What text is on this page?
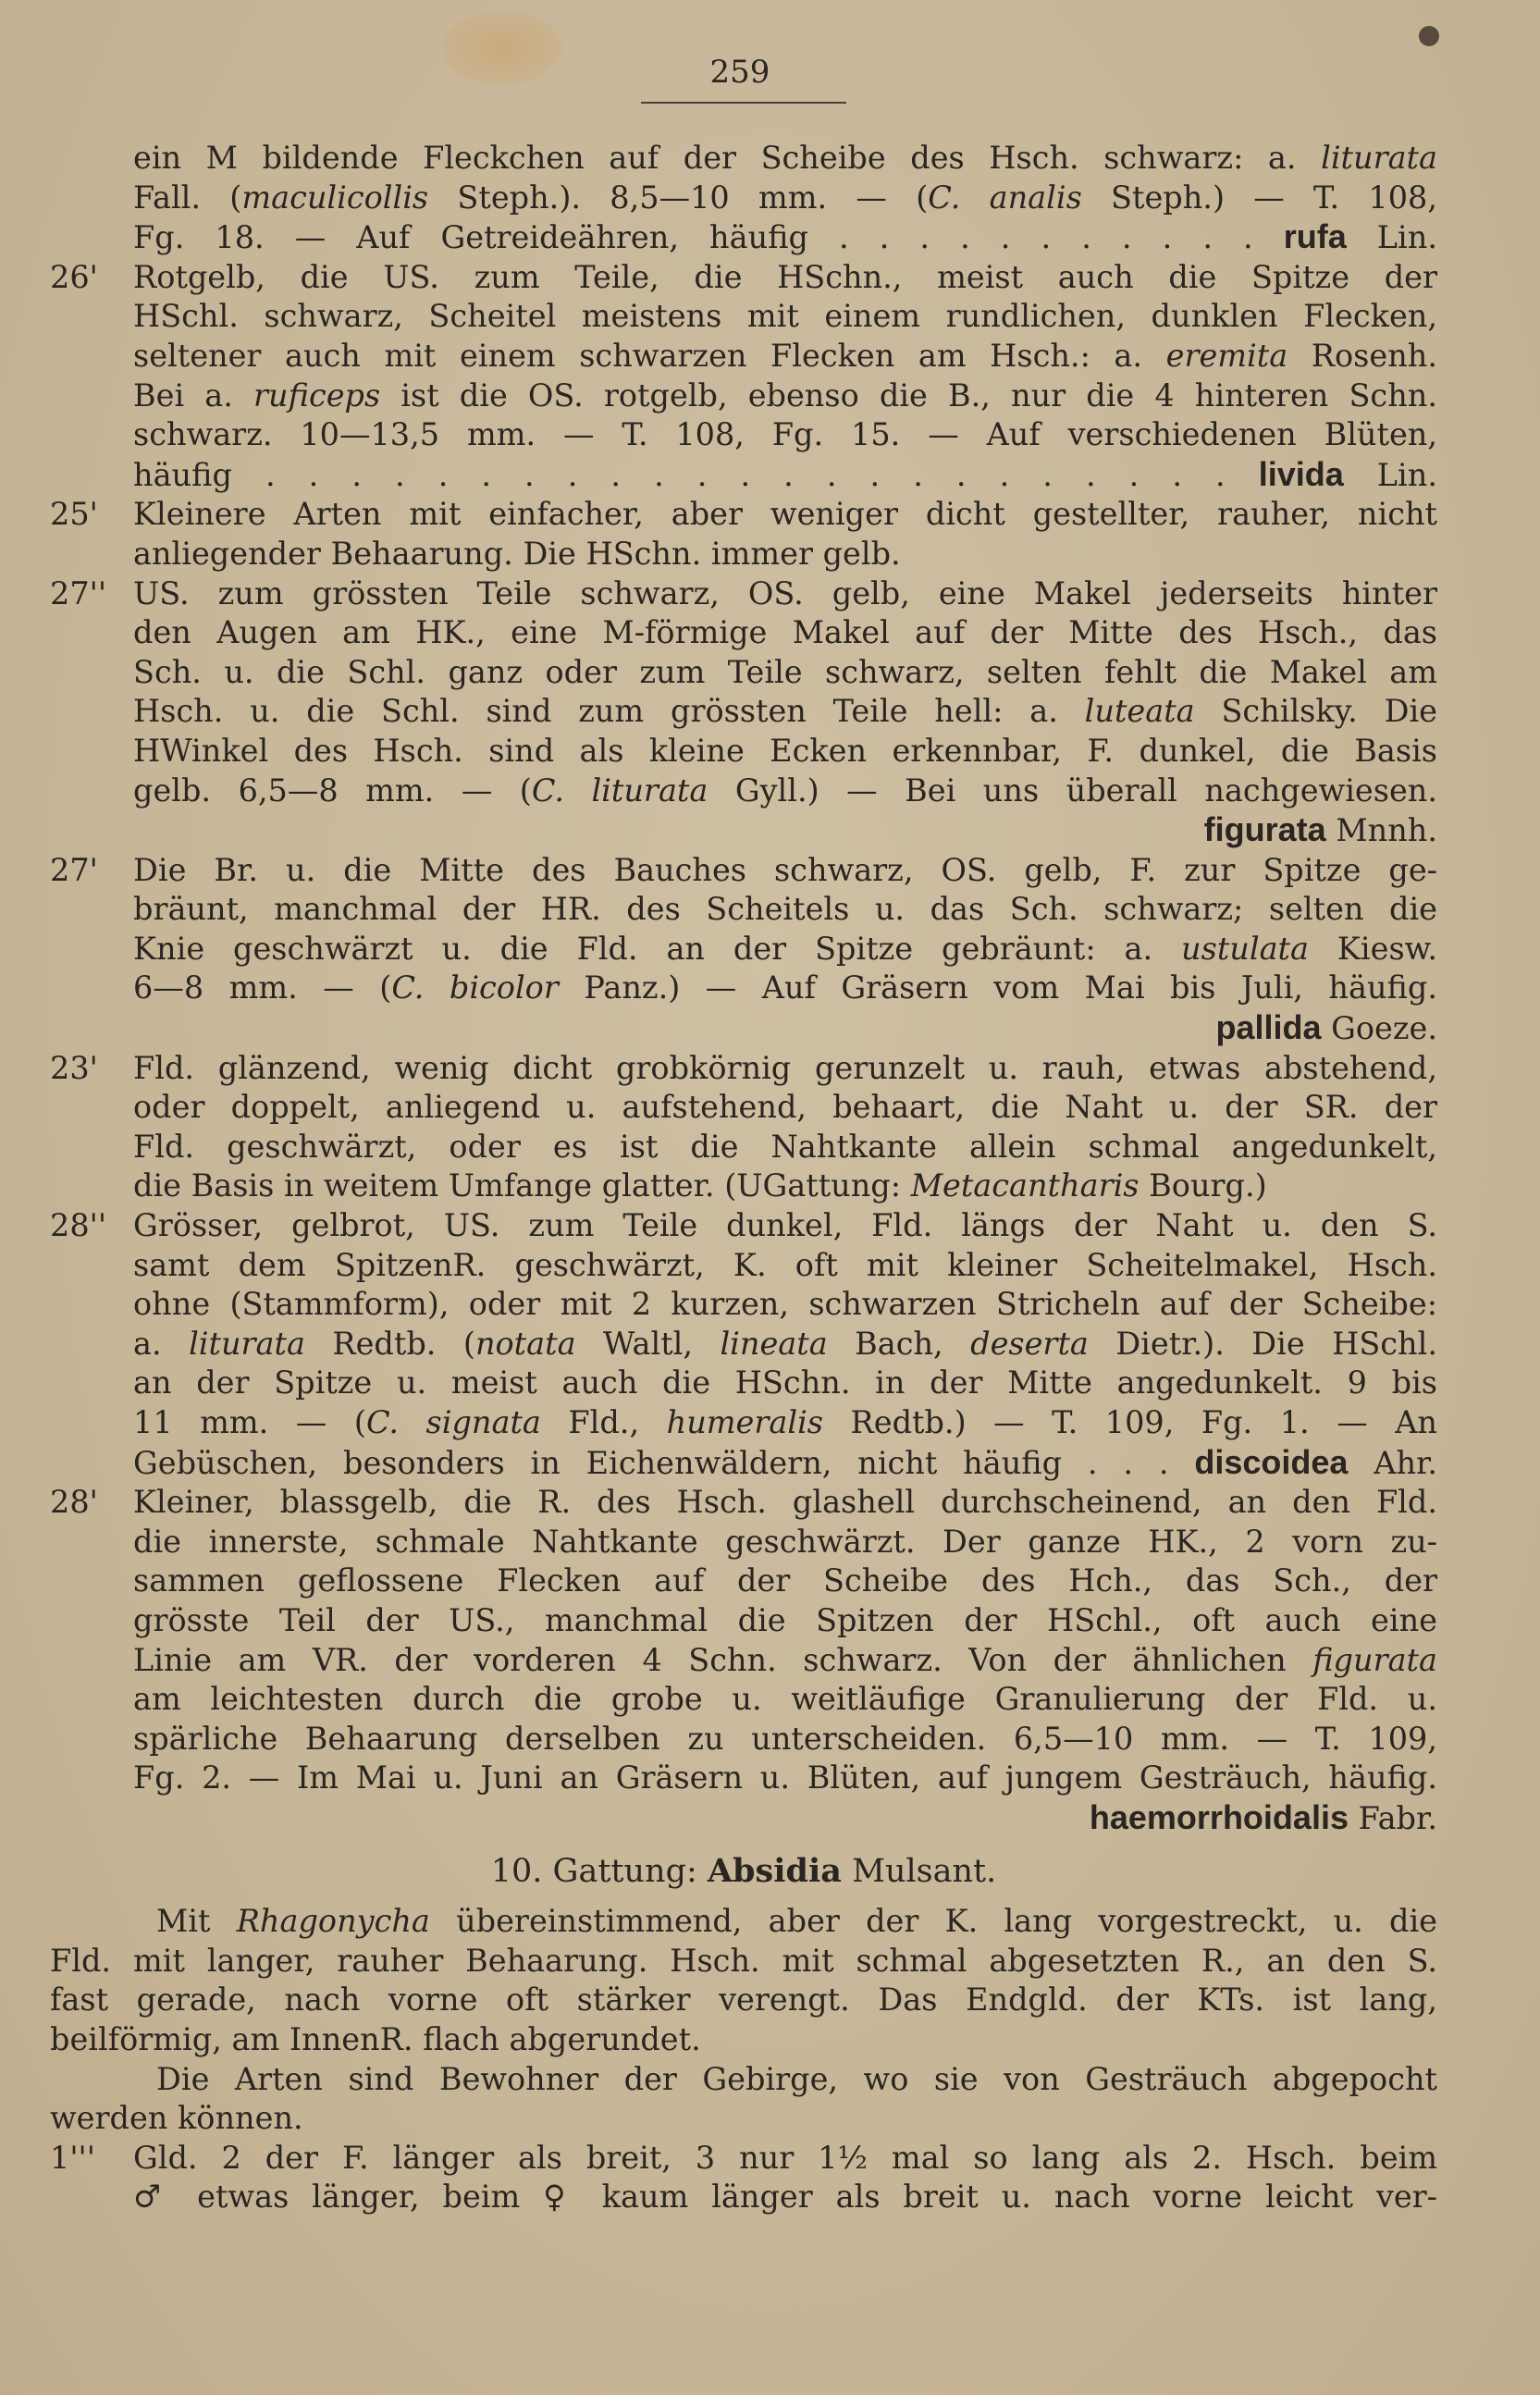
259
ein M bildende Fleckchen auf der Scheibe des Hsch. schwarz: a. liturata
Fall. (maculicollis Steph.). 8,5—10 mm. — (C. analis Steph.) — T. 108,
Fg. 18. — Auf Getreideähren, häufig . . . . . . . . . . . rufa Lin.
26'	Rotgelb, die US. zum Teile, die HSchn., meist auch die Spitze der
HSchl. schwarz, Scheitel meistens mit einem rundlichen, dunklen Flecken,
seltener auch mit einem schwarzen Flecken am Hsch.: a. eremita Rosenh.
Bei a. ruficeps ist die OS. rotgelb, ebenso die B., nur die 4 hinteren Schn.
schwarz. 10—13,5 mm. — T. 108, Fg. 15. — Auf verschiedenen Blüten,
häufig . . . . . . . . . . . . . . . . . . . . . . . livida Lin.
25'	Kleinere Arten mit einfacher, aber weniger dicht gestellter, rauher, nicht
anliegender Behaarung. Die HSchn. immer gelb.
27'' US. zum grössten Teile schwarz, OS. gelb, eine Makel jederseits hinter
den Augen am HK., eine M-förmige Makel auf der Mitte des Hsch., das
Sch. u. die Schl. ganz oder zum Teile schwarz, selten fehlt die Makel am
Hsch. u. die Schl. sind zum grössten Teile hell: a. luteata Schilsky. Die
HWinkel des Hsch. sind als kleine Ecken erkennbar, F. dunkel, die Basis
gelb. 6,5—8 mm. — (C. liturata Gyll.) — Bei uns überall nachgewiesen.
figurata Mnnh.
27'	Die Br. u. die Mitte des Bauches schwarz, OS. gelb, F. zur Spitze ge-
bräunt, manchmal der HR. des Scheitels u. das Sch. schwarz; selten die
Knie geschwärzt u. die Fld. an der Spitze gebräunt: a. ustulata Kiesw.
6—8 mm. — (C. bicolor Panz.) — Auf Gräsern vom Mai bis Juli, häufig.
pallida Goeze.
23'	Fld. glänzend, wenig dicht grobkörnig gerunzelt u. rauh, etwas abstehend,
oder doppelt, anliegend u. aufstehend, behaart, die Naht u. der SR. der
Fld. geschwärzt, oder es ist die Nahtkante allein schmal angedunkelt,
die Basis in weitem Umfange glatter. (UGattung: Metacantharis Bourg.)
28'' Grösser, gelbrot, US. zum Teile dunkel, Fld. längs der Naht u. den S.
samt dem SpitzenR. geschwärzt, K. oft mit kleiner Scheitelmakel, Hsch.
ohne (Stammform), oder mit 2 kurzen, schwarzen Stricheln auf der Scheibe:
a. liturata Redtb. (notata Waltl, lineata Bach, deserta Dietr.). Die HSchl.
an der Spitze u. meist auch die HSchn. in der Mitte angedunkelt. 9 bis
11 mm. — (C. signata Fld., humeralis Redtb.) — T. 109, Fg. 1. — An
Gebüschen, besonders in Eichenwäldern, nicht häufig . . . discoidea Ahr.
28'	Kleiner, blassgelb, die R. des Hsch. glashell durchscheinend, an den Fld.
die innerste, schmale Nahtkante geschwärzt. Der ganze HK., 2 vorn zu-
sammen geflossene Flecken auf der Scheibe des Hch., das Sch., der
grösste Teil der US., manchmal die Spitzen der HSchl., oft auch eine
Linie am VR. der vorderen 4 Schn. schwarz. Von der ähnlichen figurata
am leichtesten durch die grobe u. weitläufige Granulierung der Fld. u.
spärliche Behaarung derselben zu unterscheiden. 6,5—10 mm. — T. 109,
Fg. 2. — Im Mai u. Juni an Gräsern u. Blüten, auf jungem Gesträuch, häufig.
haemorrhoidalis Fabr.
10. Gattung: Absidia Mulsant.
Mit Rhagonycha übereinstimmend, aber der K. lang vorgestreckt, u. die
Fld. mit langer, rauher Behaarung. Hsch. mit schmal abgesetzten R., an den S.
fast gerade, nach vorne oft stärker verengt. Das Endgld. der KTs. ist lang,
beilförmig, am InnenR. flach abgerundet.
Die Arten sind Bewohner der Gebirge, wo sie von Gesträuch abgepocht
werden können.
1'''	Gld. 2 der F. länger als breit, 3 nur 1½ mal so lang als 2. Hsch. beim
♂ etwas länger, beim ♀ kaum länger als breit u. nach vorne leicht ver-
